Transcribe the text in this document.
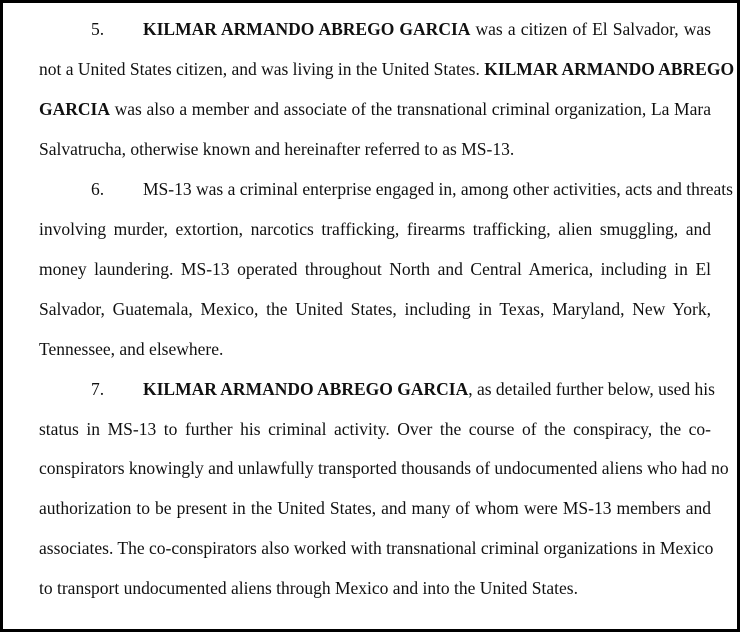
5. KILMAR ARMANDO ABREGO GARCIA was a citizen of El Salvador, was
not a United States citizen, and was living in the United States. KILMAR ARMANDO ABREGO
GARCIA was also a member and associate of the transnational criminal organization, La Mara
Salvatrucha, otherwise known and hereinafter referred to as MS-13.
6. MS-13 was a criminal enterprise engaged in, among other activities, acts and threats
involving murder, extortion, narcotics trafficking, firearms trafficking, alien smuggling, and
money laundering. MS-13 operated throughout North and Central America, including in El
Salvador, Guatemala, Mexico, the United States, including in Texas, Maryland, New York,
Tennessee, and elsewhere.
7. KILMAR ARMANDO ABREGO GARCIA, as detailed further below, used his
status in MS-13 to further his criminal activity. Over the course of the conspiracy, the co-
conspirators knowingly and unlawfully transported thousands of undocumented aliens who had no
authorization to be present in the United States, and many of whom were MS-13 members and
associates. The co-conspirators also worked with transnational criminal organizations in Mexico
to transport undocumented aliens through Mexico and into the United States.
